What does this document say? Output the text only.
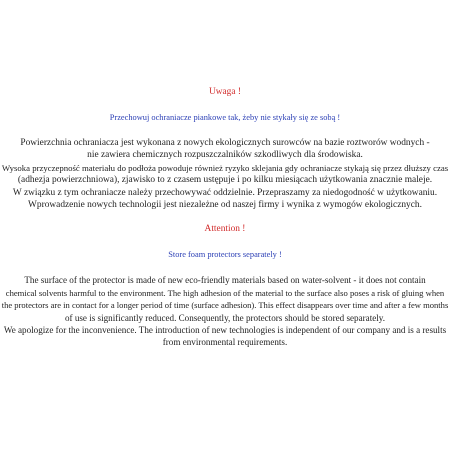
Uwaga !
Przechowuj ochraniacze piankowe tak, żeby nie stykały się ze sobą !
Powierzchnia ochraniacza jest wykonana z nowych ekologicznych surowców na bazie roztworów wodnych -
nie zawiera chemicznych rozpuszczalników szkodliwych dla środowiska.
Wysoka przyczepność materiału do podłoża powoduje również ryzyko sklejania gdy ochraniacze stykają się przez dłuższy czas
(adhezja powierzchniowa), zjawisko to z czasem ustępuje i po kilku miesiącach użytkowania znacznie maleje.
W związku z tym ochraniacze należy przechowywać oddzielnie. Przepraszamy za niedogodność w użytkowaniu.
Wprowadzenie nowych technologii jest niezależne od naszej firmy i wynika z wymogów ekologicznych.
Attention !
Store foam protectors separately !
The surface of the protector is made of new eco-friendly materials based on water-solvent - it does not contain
chemical solvents harmful to the environment. The high adhesion of the material to the surface also poses a risk of gluing when
the protectors are in contact for a longer period of time (surface adhesion). This effect disappears over time and after a few months
of use is significantly reduced. Consequently, the protectors should be stored separately.
We apologize for the inconvenience. The introduction of new technologies is independent of our company and is a results
from environmental requirements.
